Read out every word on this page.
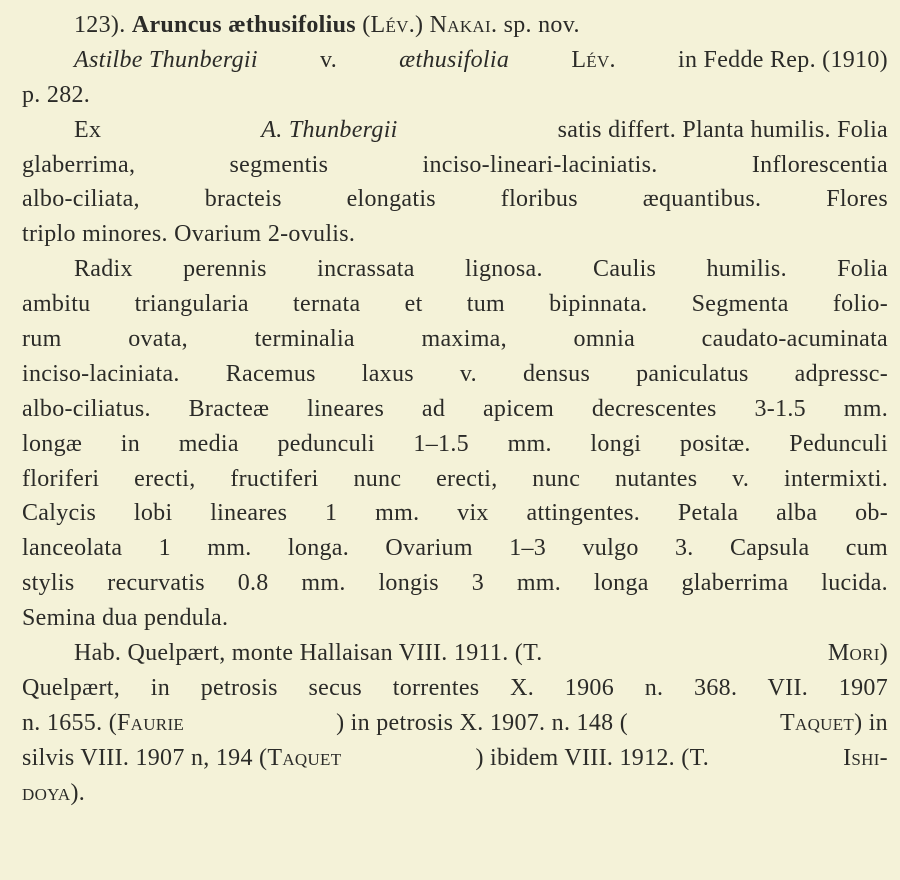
123).
Aruncus æthusifolius
( Lév. )
Nakai.
sp. nov.
Astilbe Thunbergii	v.	æthusifolia	Lév.	in Fedde Rep. (1910)
p. 282.
Ex	A. Thunbergii	satis differt. Planta humilis. Folia
glaberrima, segmentis inciso-lineari-laciniatis. Inflorescentia
albo-ciliata, bracteis elongatis floribus æquantibus. Flores
triplo minores. Ovarium 2-ovulis.
Radix perennis incrassata lignosa. Caulis humilis. Folia
ambitu triangularia ternata et tum bipinnata. Segmenta folio-
rum ovata, terminalia maxima, omnia caudato-acuminata
inciso-laciniata. Racemus laxus v. densus paniculatus adpressc-
albo-ciliatus. Bracteæ lineares ad apicem decrescentes 3-1.5 mm.
longæ in media pedunculi 1–1.5 mm. longi positæ. Pedunculi
floriferi erecti, fructiferi nunc erecti, nunc nutantes v. intermixti.
Calycis lobi lineares 1 mm. vix attingentes. Petala alba ob-
lanceolata 1 mm. longa. Ovarium 1–3 vulgo 3. Capsula cum
stylis recurvatis 0.8 mm. longis 3 mm. longa glaberrima lucida.
Semina dua pendula.
Hab. Quelpært, monte Hallaisan VIII. 1911. (T.	Mori)
Quelpært, in petrosis secus torrentes X. 1906 n. 368. VII. 1907
n. 1655. (Faurie	) in petrosis X. 1907. n. 148 (	Taquet) in
silvis VIII. 1907 n, 194 (Taquet	) ibidem VIII. 1912. (T.	Ishi-
doya).
